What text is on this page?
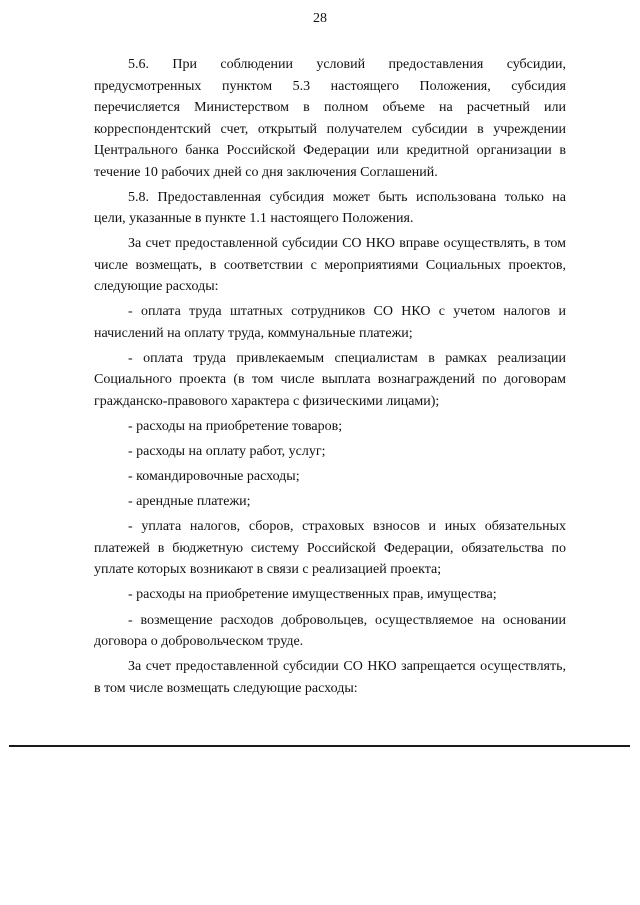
28

5.6. При соблюдении условий предоставления субсидии, предусмотренных пунктом 5.3 настоящего Положения, субсидия перечисляется Министерством в полном объеме на расчетный или корреспондентский счет, открытый получателем субсидии в учреждении Центрального банка Российской Федерации или кредитной организации в течение 10 рабочих дней со дня заключения Соглашений.

5.8. Предоставленная субсидия может быть использована только на цели, указанные в пункте 1.1 настоящего Положения.

За счет предоставленной субсидии СО НКО вправе осуществлять, в том числе возмещать, в соответствии с мероприятиями Социальных проектов, следующие расходы:

- оплата труда штатных сотрудников СО НКО с учетом налогов и начислений на оплату труда, коммунальные платежи;

- оплата труда привлекаемым специалистам в рамках реализации Социального проекта (в том числе выплата вознаграждений по договорам гражданско-правового характера с физическими лицами);

- расходы на приобретение товаров;

- расходы на оплату работ, услуг;

- командировочные расходы;

- арендные платежи;

- уплата налогов, сборов, страховых взносов и иных обязательных платежей в бюджетную систему Российской Федерации, обязательства по уплате которых возникают в связи с реализацией проекта;

- расходы на приобретение имущественных прав, имущества;

- возмещение расходов добровольцев, осуществляемое на основании договора о добровольческом труде.

За счет предоставленной субсидии СО НКО запрещается осуществлять, в том числе возмещать следующие расходы:
